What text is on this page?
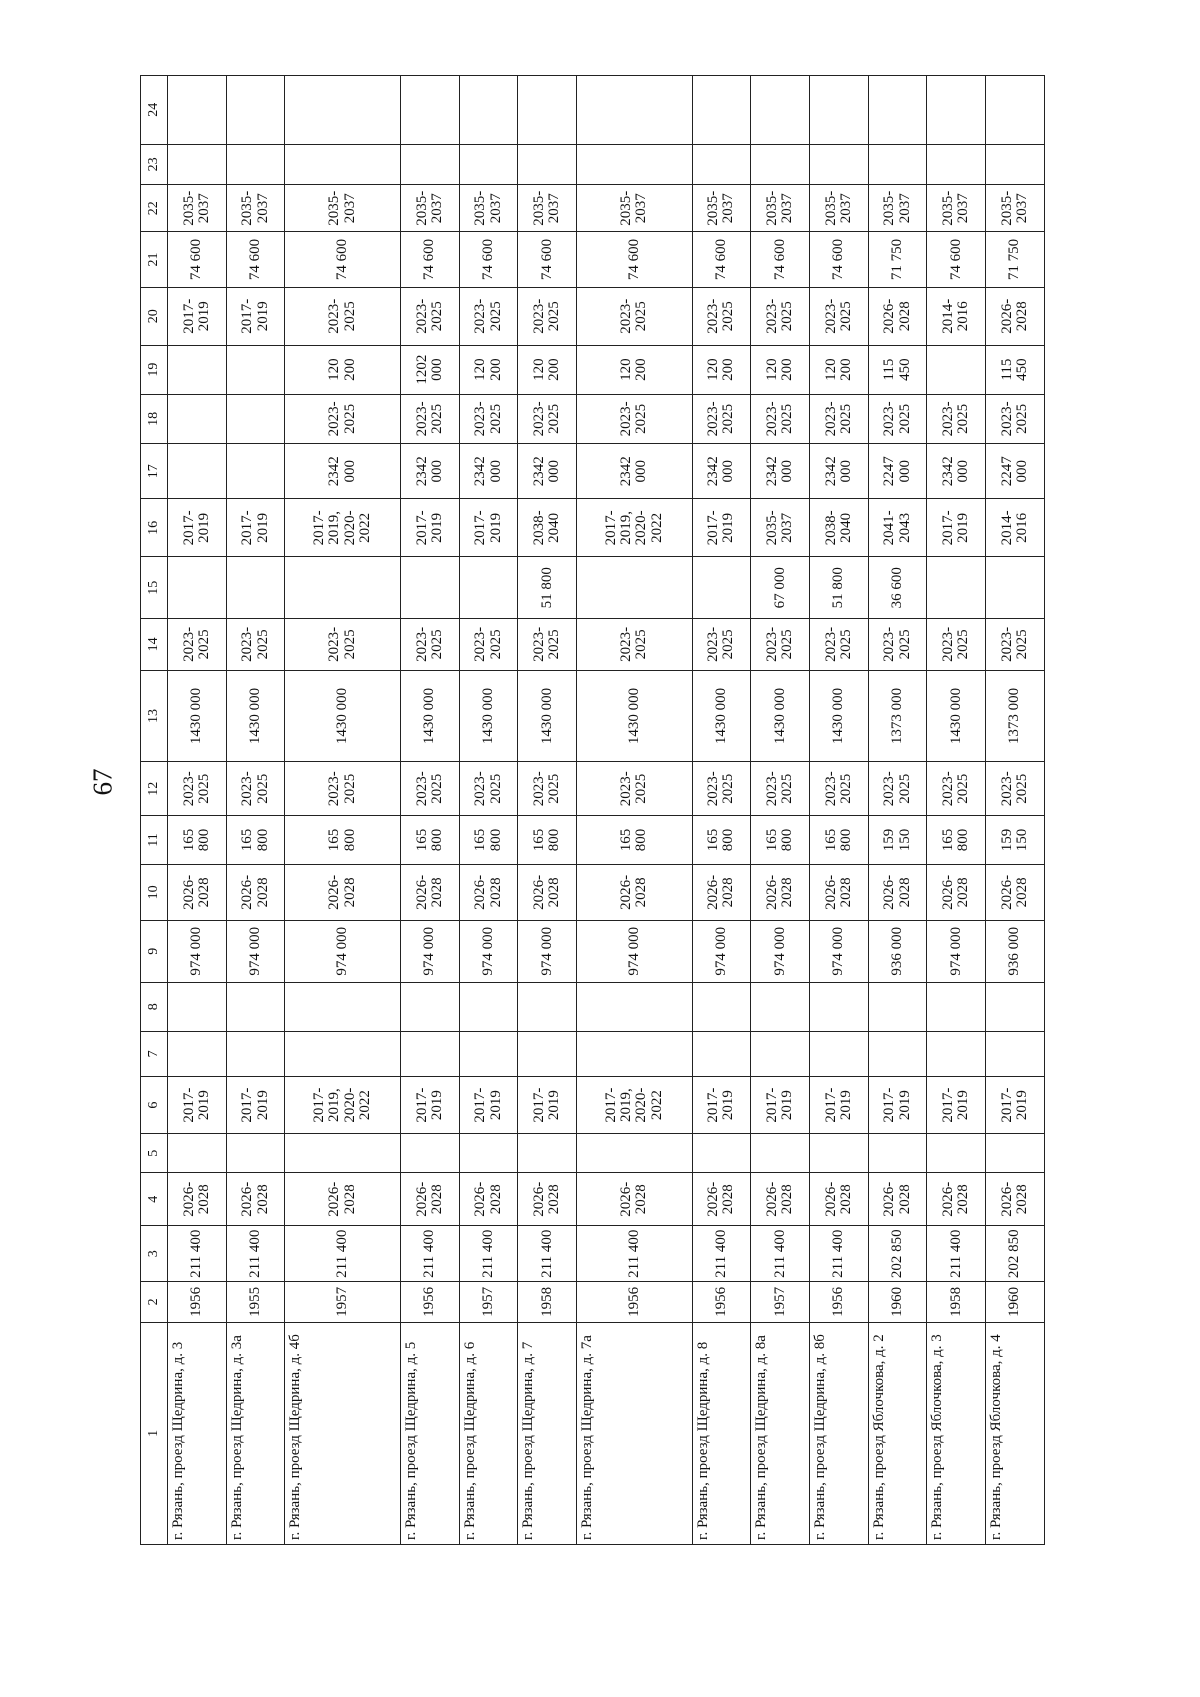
67
1	2	3	4	5	6	7	8	9	10	11	12	13	14	15	16	17	18	19	20	21	22	23	24

г. Рязань, проезд Щедрина, д. 3	1956	211 400	2026-
2028		2017-
2019			974 000	2026-
2028	165 800	2023-
2025	1430 000	2023-
2025		2017-
2019				2017-
2019	74 600	2035-
2037		

г. Рязань, проезд Щедрина, д. 3а	1955	211 400	2026-
2028		2017-
2019			974 000	2026-
2028	165 800	2023-
2025	1430 000	2023-
2025		2017-
2019				2017-
2019	74 600	2035-
2037		

г. Рязань, проезд Щедрина, д. 4б	1957	211 400	2026-
2028		2017-
2019,
2020-
2022			974 000	2026-
2028	165 800	2023-
2025	1430 000	2023-
2025		2017-
2019,
2020-
2022	2342
000	2023-
2025	120 200	2023-
2025	74 600	2035-
2037		

г. Рязань, проезд Щедрина, д. 5	1956	211 400	2026-
2028		2017-
2019			974 000	2026-
2028	165 800	2023-
2025	1430 000	2023-
2025		2017-
2019	2342
000	2023-
2025	1202
000	2023-
2025	74 600	2035-
2037		

г. Рязань, проезд Щедрина, д. 6	1957	211 400	2026-
2028		2017-
2019			974 000	2026-
2028	165 800	2023-
2025	1430 000	2023-
2025		2017-
2019	2342
000	2023-
2025	120 200	2023-
2025	74 600	2035-
2037		

г. Рязань, проезд Щедрина, д. 7	1958	211 400	2026-
2028		2017-
2019			974 000	2026-
2028	165 800	2023-
2025	1430 000	2023-
2025	51 800	2038-
2040	2342
000	2023-
2025	120 200	2023-
2025	74 600	2035-
2037		

г. Рязань, проезд Щедрина, д. 7а	1956	211 400	2026-
2028		2017-
2019,
2020-
2022			974 000	2026-
2028	165 800	2023-
2025	1430 000	2023-
2025		2017-
2019,
2020-
2022	2342
000	2023-
2025	120 200	2023-
2025	74 600	2035-
2037		

г. Рязань, проезд Щедрина, д. 8	1956	211 400	2026-
2028		2017-
2019			974 000	2026-
2028	165 800	2023-
2025	1430 000	2023-
2025		2017-
2019	2342
000	2023-
2025	120 200	2023-
2025	74 600	2035-
2037		

г. Рязань, проезд Щедрина, д. 8а	1957	211 400	2026-
2028		2017-
2019			974 000	2026-
2028	165 800	2023-
2025	1430 000	2023-
2025	67 000	2035-
2037	2342
000	2023-
2025	120 200	2023-
2025	74 600	2035-
2037		

г. Рязань, проезд Щедрина, д. 8б	1956	211 400	2026-
2028		2017-
2019			974 000	2026-
2028	165 800	2023-
2025	1430 000	2023-
2025	51 800	2038-
2040	2342
000	2023-
2025	120 200	2023-
2025	74 600	2035-
2037		

г. Рязань, проезд Яблочкова, д. 2	1960	202 850	2026-
2028		2017-
2019			936 000	2026-
2028	159 150	2023-
2025	1373 000	2023-
2025	36 600	2041-
2043	2247
000	2023-
2025	115 450	2026-
2028	71 750	2035-
2037		

г. Рязань, проезд Яблочкова, д. 3	1958	211 400	2026-
2028		2017-
2019			974 000	2026-
2028	165 800	2023-
2025	1430 000	2023-
2025		2017-
2019	2342
000	2023-
2025		2014-
2016	74 600	2035-
2037		

г. Рязань, проезд Яблочкова, д. 4	1960	202 850	2026-
2028		2017-
2019			936 000	2026-
2028	159 150	2023-
2025	1373 000	2023-
2025		2014-
2016	2247
000	2023-
2025	115 450	2026-
2028	71 750	2035-
2037		
